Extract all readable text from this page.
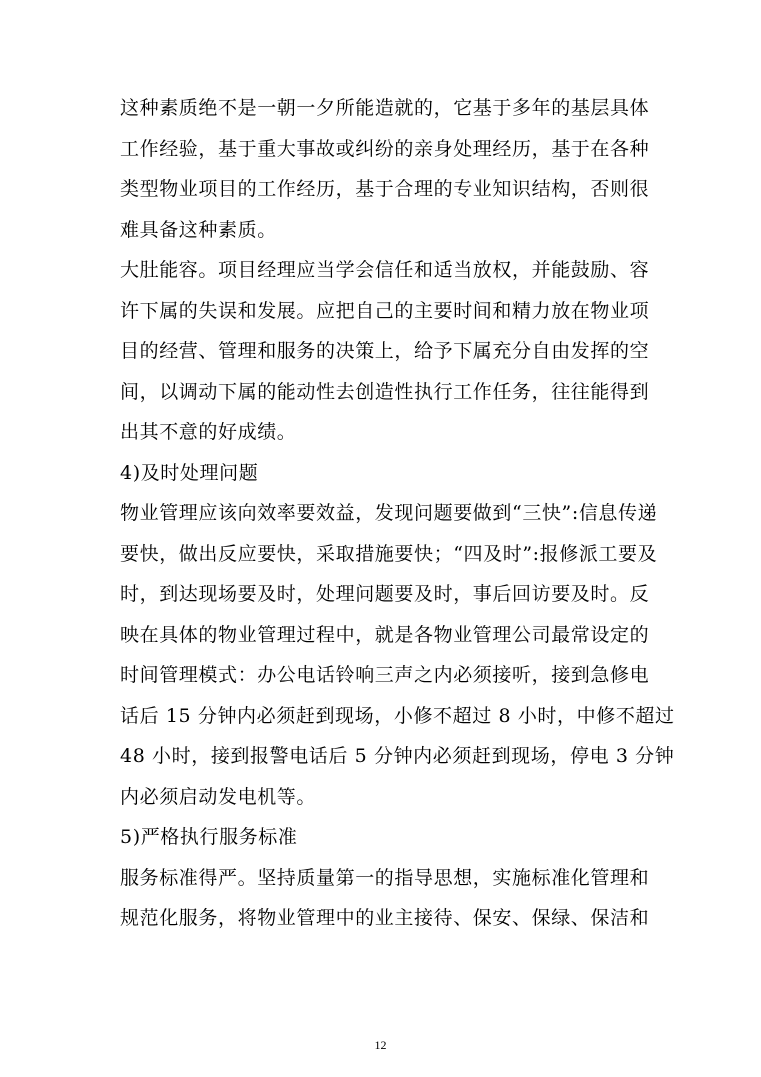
这种素质绝不是一朝一夕所能造就的，它基于多年的基层具体
工作经验，基于重大事故或纠纷的亲身处理经历，基于在各种
类型物业项目的工作经历，基于合理的专业知识结构，否则很
难具备这种素质。
大肚能容。项目经理应当学会信任和适当放权，并能鼓励、容
许下属的失误和发展。应把自己的主要时间和精力放在物业项
目的经营、管理和服务的决策上，给予下属充分自由发挥的空
间，以调动下属的能动性去创造性执行工作任务，往往能得到
出其不意的好成绩。
4)及时处理问题
物业管理应该向效率要效益，发现问题要做到“三快”:信息传递
要快，做出反应要快，采取措施要快；“四及时”:报修派工要及
时，到达现场要及时，处理问题要及时，事后回访要及时。反
映在具体的物业管理过程中，就是各物业管理公司最常设定的
时间管理模式：办公电话铃响三声之内必须接听，接到急修电
话后 15 分钟内必须赶到现场，小修不超过 8 小时，中修不超过
48 小时，接到报警电话后 5 分钟内必须赶到现场，停电 3 分钟
内必须启动发电机等。
5)严格执行服务标准
服务标准得严。坚持质量第一的指导思想，实施标准化管理和
规范化服务，将物业管理中的业主接待、保安、保绿、保洁和
12
